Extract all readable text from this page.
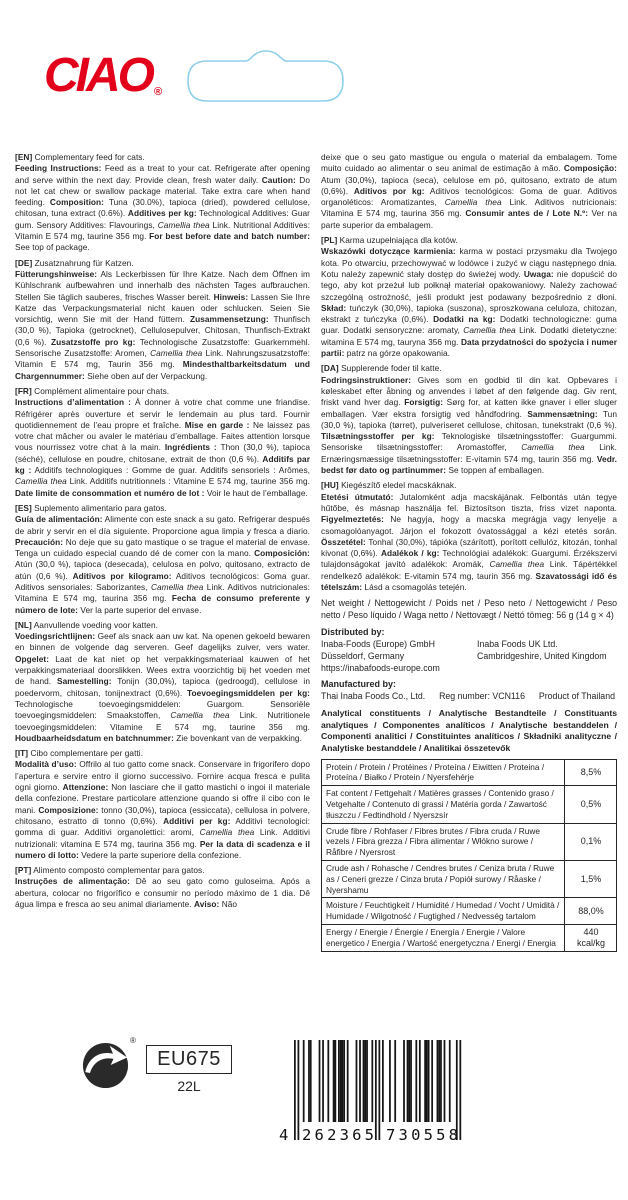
CIAO ®

[EN] Complementary feed for cats.

Feeding Instructions: Feed as a treat to your cat. Refrigerate after opening and serve within the next day. Provide clean, fresh water daily. Caution: Do not let cat chew or swallow package material. Take extra care when hand feeding. Composition: Tuna (30.0%), tapioca (dried), powdered cellulose, chitosan, tuna extract (0.6%). Additives per kg: Technological Additives: Guar gum. Sensory Additives: Flavourings, Camellia thea Link. Nutritional Additives: Vitamin E 574 mg, taurine 356 mg. For best before date and batch number: See top of package.

[DE] Zusatznahrung für Katzen.

Fütterungshinweise: Als Leckerbissen für Ihre Katze. Nach dem Öffnen im Kühlschrank aufbewahren und innerhalb des nächsten Tages aufbrauchen. Stellen Sie täglich sauberes, frisches Wasser bereit. Hinweis: Lassen Sie Ihre Katze das Verpackungsmaterial nicht kauen oder schlucken. Seien Sie vorsichtig, wenn Sie mit der Hand füttern. Zusammensetzung: Thunfisch (30,0 %), Tapioka (getrocknet), Cellulosepulver, Chitosan, Thunfisch-Extrakt (0,6 %). Zusatzstoffe pro kg: Technologische Zusatzstoffe: Guarkernmehl. Sensorische Zusatzstoffe: Aromen, Camellia thea Link. Nahrungszusatzstoffe: Vitamin E 574 mg, Taurin 356 mg. Mindesthaltbarkeitsdatum und Chargennummer: Siehe oben auf der Verpackung.

[FR] Complément alimentaire pour chats.

Instructions d’alimentation : À donner à votre chat comme une friandise. Réfrigérer après ouverture et servir le lendemain au plus tard. Fournir quotidiennement de l’eau propre et fraîche. Mise en garde : Ne laissez pas votre chat mâcher ou avaler le matériau d’emballage. Faites attention lorsque vous nourrissez votre chat à la main. Ingrédients : Thon (30,0 %), tapioca (séché), cellulose en poudre, chitosane, extrait de thon (0,6 %). Additifs par kg : Additifs technologiques : Gomme de guar. Additifs sensoriels : Arômes, Camellia thea Link. Additifs nutritionnels : Vitamine E 574 mg, taurine 356 mg. Date limite de consommation et numéro de lot : Voir le haut de l’emballage.

[ES] Suplemento alimentario para gatos.

Guía de alimentación: Alimente con este snack a su gato. Refrigerar después de abrir y servir en el día siguiente. Proporcione agua limpia y fresca a diario. Precaución: No deje que su gato mastique o se trague el material de envase. Tenga un cuidado especial cuando dé de comer con la mano. Composición: Atún (30,0 %), tapioca (desecada), celulosa en polvo, quitosano, extracto de atún (0,6 %). Aditivos por kilogramo: Aditivos tecnológicos: Goma guar. Aditivos sensoriales: Saborizantes, Camellia thea Link. Aditivos nutricionales: Vitamina E 574 mg, taurina 356 mg. Fecha de consumo preferente y número de lote: Ver la parte superior del envase.

[NL] Aanvullende voeding voor katten.

Voedingsrichtlijnen: Geef als snack aan uw kat. Na openen gekoeld bewaren en binnen de volgende dag serveren. Geef dagelijks zuiver, vers water. Opgelet: Laat de kat niet op het verpakkingsmateriaal kauwen of het verpakkingsmateriaal doorslikken. Wees extra voorzichtig bij het voeden met de hand. Samestelling: Tonijn (30,0%), tapioca (gedroogd), cellulose in poedervorm, chitosan, tonijnextract (0,6%). Toevoegingsmiddelen per kg: Technologische toevoegingsmiddelen: Guargom. Sensoriële toevoegingsmiddelen: Smaakstoffen, Camellia thea Link. Nutritionele toevoegingsmiddelen: Vitamine E 574 mg, taurine 356 mg. Houdbaarheidsdatum en batchnummer: Zie bovenkant van de verpakking.

[IT] Cibo complementare per gatti.

Modalità d’uso: Offrilo al tuo gatto come snack. Conservare in frigorifero dopo l’apertura e servire entro il giorno successivo. Fornire acqua fresca e pulita ogni giorno. Attenzione: Non lasciare che il gatto mastichi o ingoi il materiale della confezione. Prestare particolare attenzione quando si offre il cibo con le mani. Composizione: tonno (30,0%), tapioca (essiccata), cellulosa in polvere, chitosano, estratto di tonno (0,6%). Additivi per kg: Additivi tecnologici: gomma di guar. Additivi organolettici: aromi, Camellia thea Link. Additivi nutrizionali: vitamina E 574 mg, taurina 356 mg. Per la data di scadenza e il numero di lotto: Vedere la parte superiore della confezione.

[PT] Alimento composto complementar para gatos.

Instruções de alimentação: Dê ao seu gato como guloseima. Após a abertura, colocar no frigorífico e consumir no período máximo de 1 dia. Dê água limpa e fresca ao seu animal diariamente. Aviso: Não

deixe que o seu gato mastigue ou engula o material da embalagem. Tome muito cuidado ao alimentar o seu animal de estimação à mão. Composição: Atum (30,0%), tapioca (seca), celulose em pó, quitosano, extrato de atum (0,6%). Aditivos por kg: Aditivos tecnológicos: Goma de guar. Aditivos organoléticos: Aromatizantes, Camellia thea Link. Aditivos nutricionais: Vitamina E 574 mg, taurina 356 mg. Consumir antes de / Lote N.º: Ver na parte superior da embalagem.

[PL] Karma uzupełniająca dla kotów.

Wskazówki dotyczące karmienia: karma w postaci przysmaku dla Twojego kota. Po otwarciu, przechowywać w lodówce i zużyć w ciągu następnego dnia. Kotu należy zapewnić stały dostęp do świeżej wody. Uwaga: nie dopuścić do tego, aby kot przeżuł lub połknął materiał opakowaniowy. Należy zachować szczególną ostrożność, jeśli produkt jest podawany bezpośrednio z dłoni. Skład: tuńczyk (30,0%), tapioka (suszona), sproszkowana celuloza, chitozan, ekstrakt z tuńczyka (0,6%). Dodatki na kg: Dodatki technologiczne: guma guar. Dodatki sensoryczne: aromaty, Camellia thea Link. Dodatki dietetyczne: witamina E 574 mg, tauryna 356 mg. Data przydatności do spożycia i numer partii: patrz na górze opakowania.

[DA] Supplerende foder til katte.

Fodringsinstruktioner: Gives som en godbid til din kat. Opbevares i køleskabet efter åbning og anvendes i løbet af den følgende dag. Giv rent, friskt vand hver dag. Forsigtig: Sørg for, at katten ikke gnaver i eller sluger emballagen. Vær ekstra forsigtig ved håndfodring. Sammensætning: Tun (30,0 %), tapioka (tørret), pulveriseret cellulose, chitosan, tunekstrakt (0,6 %). Tilsætningsstoffer per kg: Teknologiske tilsætningsstoffer: Guargummi. Sensoriske tilsætningsstoffer: Aromastoffer, Camellia thea Link. Ernæringsmæssige tilsætningsstoffer: E-vitamin 574 mg, taurin 356 mg. Vedr. bedst før dato og partinummer: Se toppen af emballagen.

[HU] Kiegészítő eledel macskáknak.

Etetési útmutató: Jutalomként adja macskájának. Felbontás után tegye hűtőbe, és másnap használja fel. Biztosítson tiszta, friss vizet naponta. Figyelmeztetés: Ne hagyja, hogy a macska megrágja vagy lenyelje a csomagolóanyagot. Járjon el fokozott óvatossággal a kézi etetés során. Összetétel: Tonhal (30,0%), tápióka (szárított), porított cellulóz, kitozán, tonhal kivonat (0,6%). Adalékok / kg: Technológiai adalékok: Guargumi. Érzékszervi tulajdonságokat javító adalékok: Aromák, Camellia thea Link. Tápértékkel rendelkező adalékok: E-vitamin 574 mg, taurin 356 mg. Szavatossági idő és tételszám: Lásd a csomagolás tetején.

Net weight / Nettogewicht / Poids net / Peso neto / Nettogewicht / Peso netto / Peso líquido / Waga netto / Nettovægt / Nettó tömeg: 56 g (14 g × 4)

Distributed by:
Inaba-Foods (Europe) GmbH
Düsseldorf, Germany
https://inabafoods-europe.com
Inaba Foods UK Ltd.
Cambridgeshire, United Kingdom
Manufactured by:
Thai Inaba Foods Co., Ltd. Reg number: VCN116 Product of Thailand
Analytical constituents / Analytische Bestandteile / Constituants analytiques / Componentes analíticos / Analytische bestanddelen / Componenti analitici / Constituintes analíticos / Składniki analityczne / Analytiske bestanddele / Analitikai összetevők
Protein / Protein / Protéines / Proteína / Eiwitten / Proteina / Proteína / Białko / Protein / Nyersfehérje	8,5%
Fat content / Fettgehalt / Matières grasses / Contenido graso / Vetgehalte / Contenuto di grassi / Matéria gorda / Zawartość tłuszczu / Fedtindhold / Nyerszsír	0,5%
Crude fibre / Rohfaser / Fibres brutes / Fibra cruda / Ruwe vezels / Fibra grezza / Fibra alimentar / Włókno surowe / Råfibre / Nyersrost	0,1%
Crude ash / Rohasche / Cendres brutes / Ceniza bruta / Ruwe as / Ceneri grezze / Cinza bruta / Popiół surowy / Råaske / Nyershamu	1,5%
Moisture / Feuchtigkeit / Humidité / Humedad / Vocht / Umidità / Humidade / Wilgotność / Fugtighed / Nedvesség tartalom	88,0%
Energy / Energie / Énergie / Energía / Energie / Valore energetico / Energia / Wartość energetyczna / Energi / Energia	440 kcal/kg
®
EU675
22L
4 262365 730558
